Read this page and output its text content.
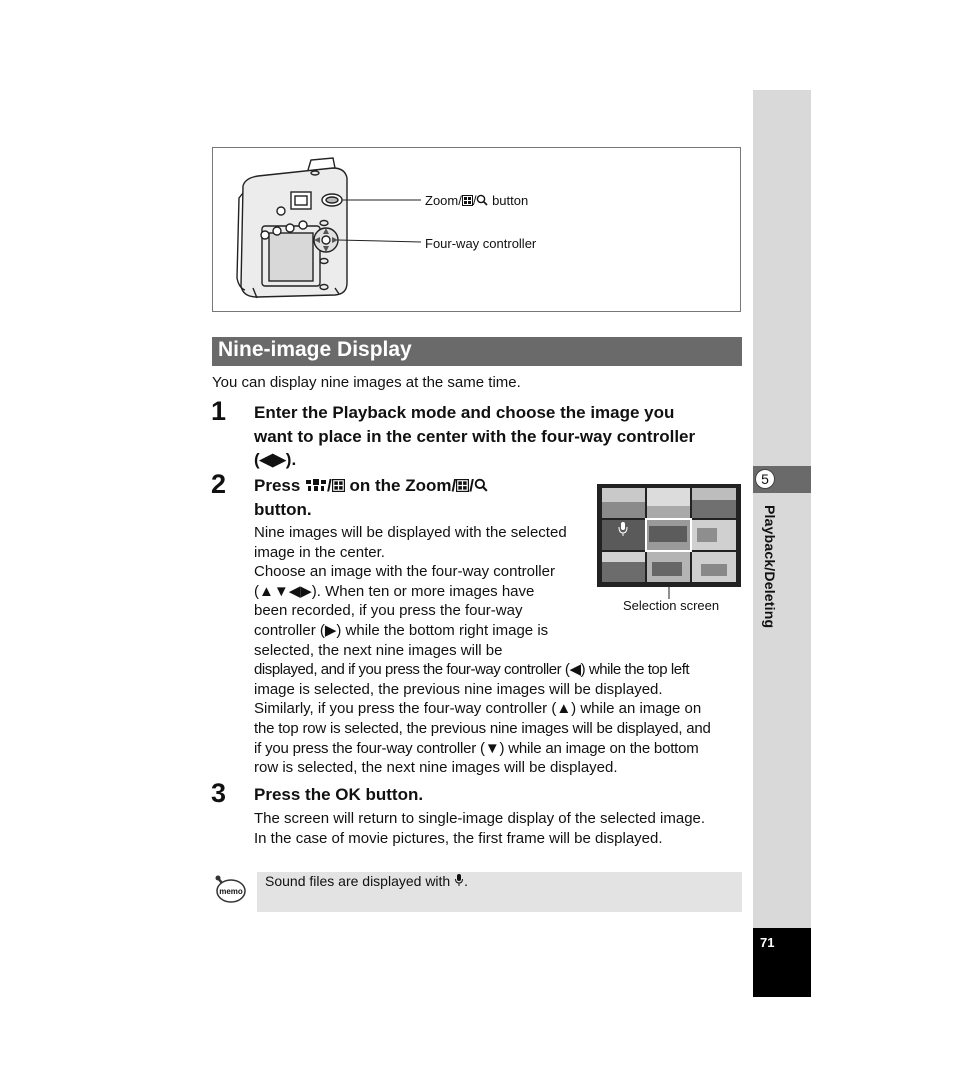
5
Playback/Deleting
71
Zoom/ / button
Four-way controller
Nine-image Display
You can display nine images at the same time.
1 Enter the Playback mode and choose the image you
want to place in the center with the four-way controller
(◀▶).
2 Press / on the Zoom/ /
button.
Nine images will be displayed with the selected
image in the center.
Choose an image with the four-way controller
(▲▼◀▶). When ten or more images have
been recorded, if you press the four-way
controller (▶) while the bottom right image is
selected, the next nine images will be
displayed, and if you press the four-way controller (◀) while the top left
image is selected, the previous nine images will be displayed.
Similarly, if you press the four-way controller (▲) while an image on
the top row is selected, the previous nine images will be displayed, and
if you press the four-way controller (▼) while an image on the bottom
row is selected, the next nine images will be displayed.
Selection screen
3 Press the OK button.
The screen will return to single-image display of the selected image.
In the case of movie pictures, the first frame will be displayed.
memo
Sound files are displayed with .
